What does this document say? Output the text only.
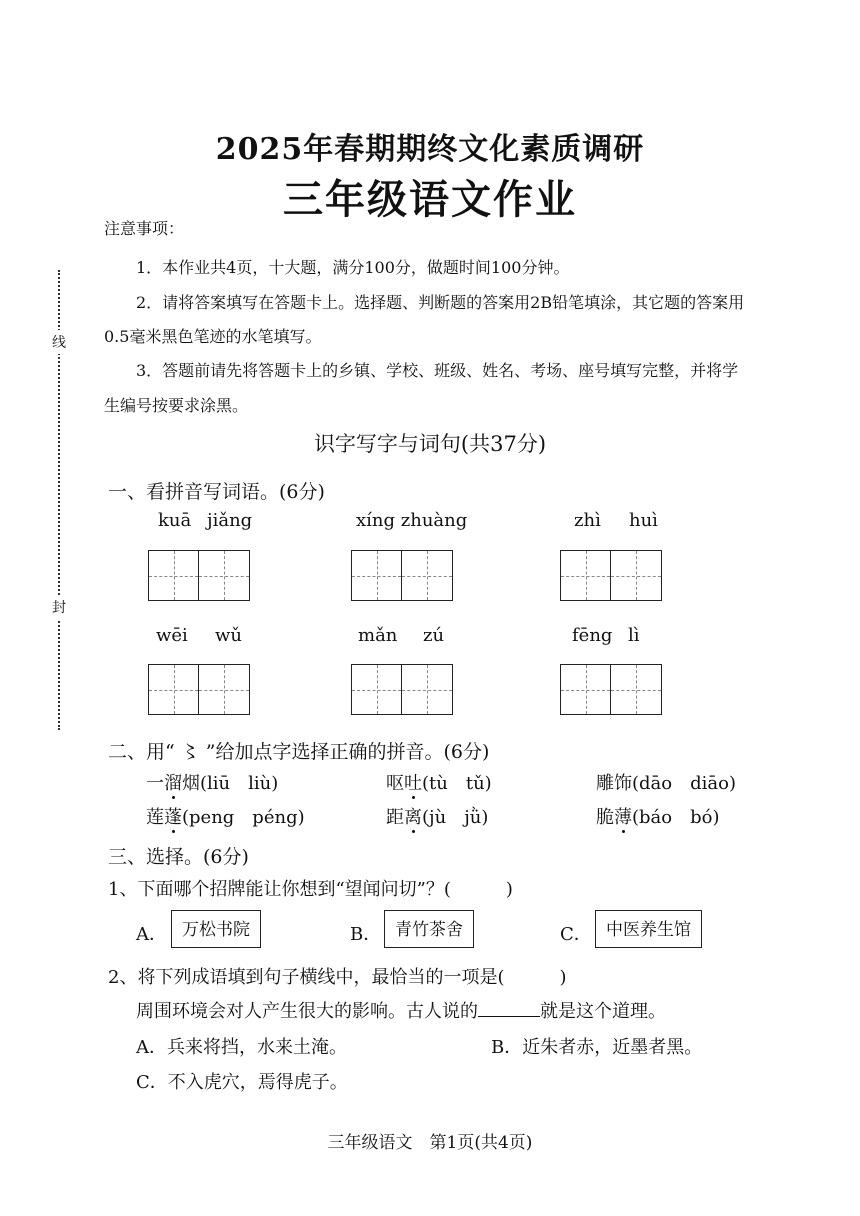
线
封
2025年春期期终文化素质调研
三年级语文作业
注意事项：
1．本作业共4页，十大题，满分100分，做题时间100分钟。
2．请将答案填写在答题卡上。选择题、判断题的答案用2B铅笔填涂，其它题的答案用
0.5毫米黑色笔迹的水笔填写。
3．答题前请先将答题卡上的乡镇、学校、班级、姓名、考场、座号填写完整，并将学
生编号按要求涂黑。
识字写字与词句(共37分)
一、看拼音写词语。(6分)
kuā jiǎng	xíng zhuàng	zhì huì
wēi wǔ	mǎn zú	fēng lì
二、用“ 〻 ”给加点字选择正确的拼音。(6分)
一溜烟(liū　liù)	呕吐(tù　tǔ)	雕饰(dāo　diāo)
莲蓬(peng　péng)	距离(jù　jǜ)	脆薄(báo　bó)
三、选择。(6分)
1、下面哪个招牌能让你想到“望闻问切”？(	)
A． 万松书院	B． 青竹茶舍	C． 中医养生馆
2、将下列成语填到句子横线中，最恰当的一项是(	)
周围环境会对人产生很大的影响。古人说的	就是这个道理。
A．兵来将挡，水来土淹。	B．近朱者赤，近墨者黑。
C．不入虎穴，焉得虎子。
三年级语文　第1页(共4页)
